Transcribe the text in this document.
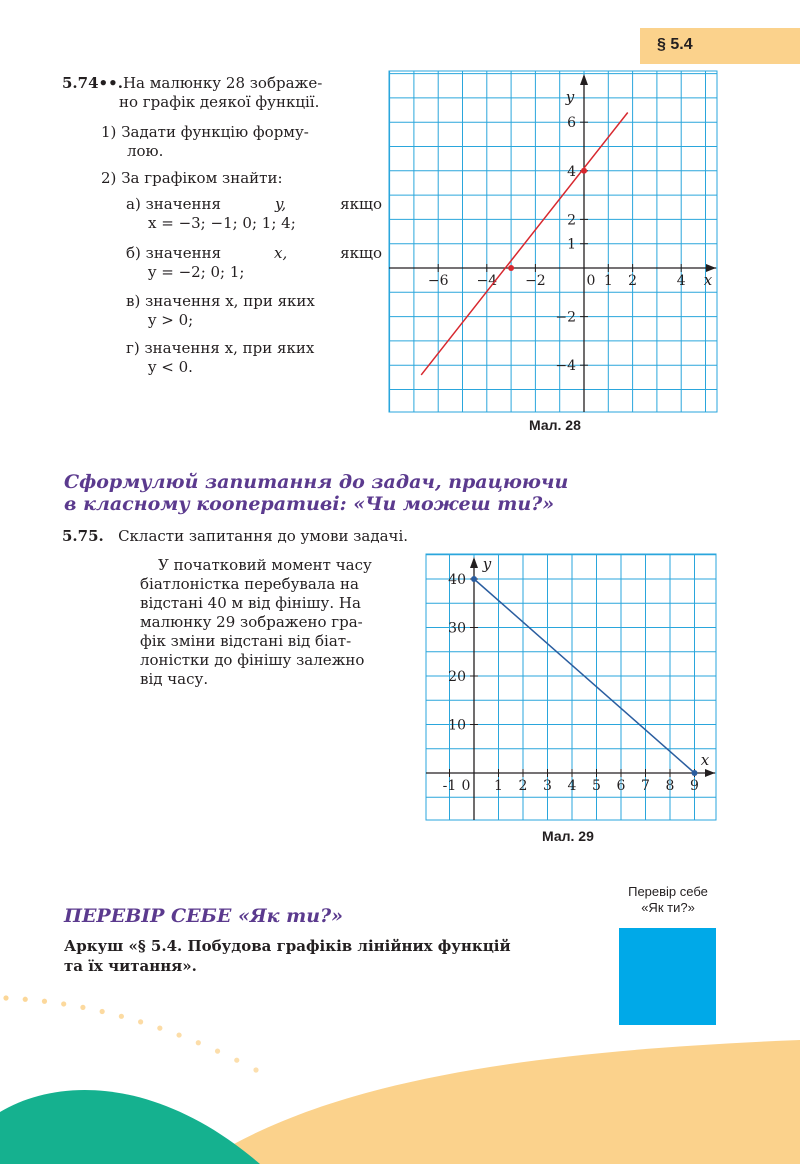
§ 5.4
5.74••.На малюнку 28 зображе-
но графік деякої функції.
1) Задати функцію форму-
лою.
2) За графіком знайти:
а) значення	y,	якщо
x = −3; −1; 0; 1; 4;
б) значення	x,	якщо
y = −2; 0; 1;
в) значення x, при яких
y > 0;
г) значення x, при яких
y < 0.
−6 −4 −2	0 1 2	4
6
4
2
1
−2
−4
x
y
Мал. 28
Сформулюй запитання до задач, працюючи
в класному кооперативі: «Чи можеш ти?»
5.75. Скласти запитання до умови задачі.
У початковий момент часу
біатлоністка перебувала на
відстані 40 м від фінішу. На
малюнку 29 зображено гра-
фік зміни відстані від біат-
лоністки до фінішу залежно
від часу.
-1 0 1 2 3 4 5 6 7 8 9
40
30
20
10
x
y
Мал. 29
Перевір себе
«Як ти?»
ПЕРЕВІР СЕБЕ «Як ти?»
Аркуш «§ 5.4. Побудова графіків лінійних функцій
та їх читання».
